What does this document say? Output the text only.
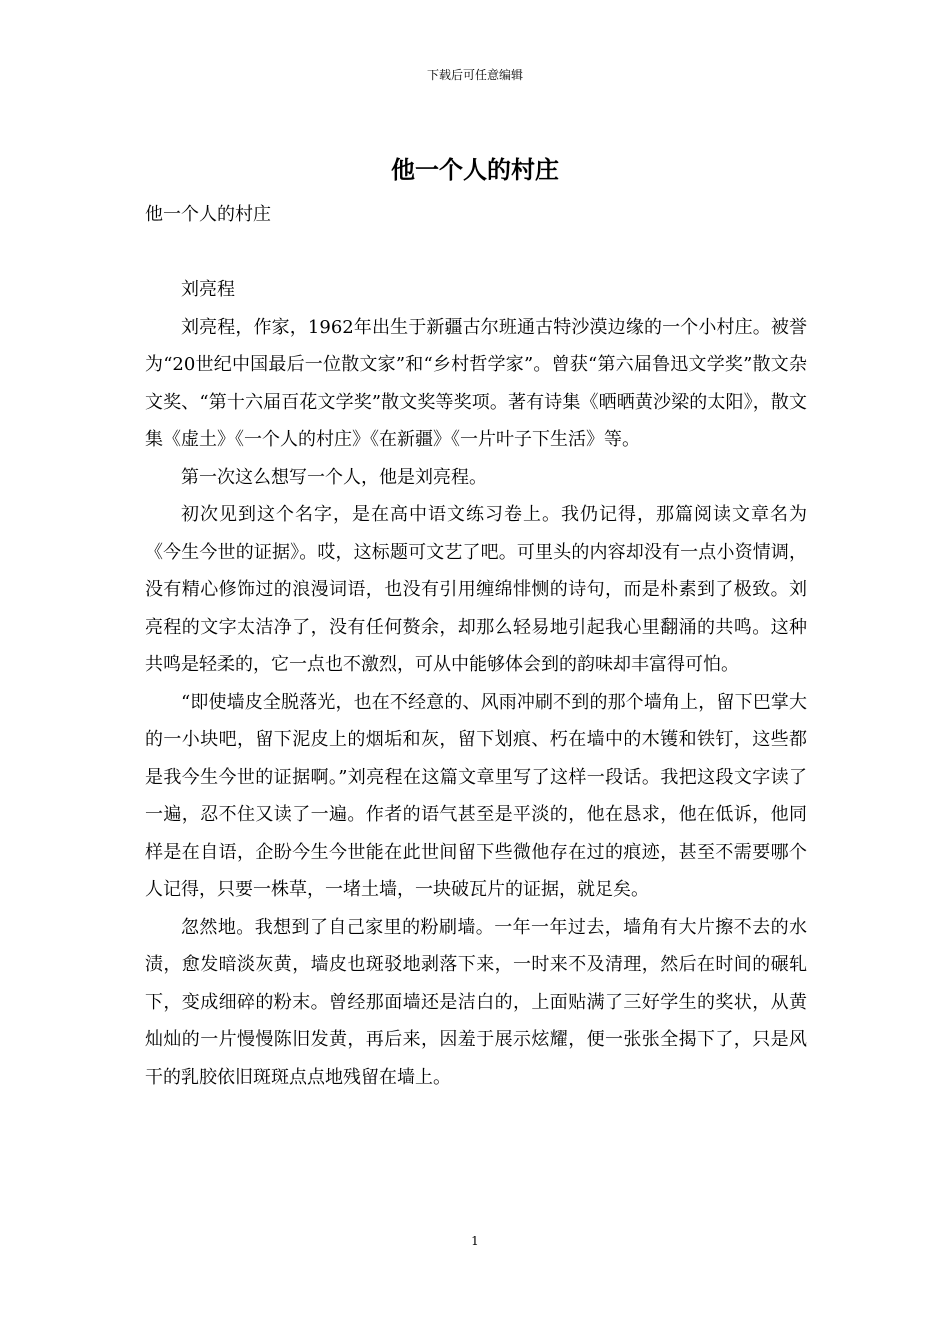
下载后可任意编辑
他一个人的村庄

他一个人的村庄

刘亮程

刘亮程，作家，1962年出生于新疆古尔班通古特沙漠边缘的一个小村庄。被誉为“20世纪中国最后一位散文家”和“乡村哲学家”。曾获“第六届鲁迅文学奖”散文杂文奖、“第十六届百花文学奖”散文奖等奖项。著有诗集《晒晒黄沙梁的太阳》，散文集《虚土》《一个人的村庄》《在新疆》《一片叶子下生活》等。

第一次这么想写一个人，他是刘亮程。

初次见到这个名字，是在高中语文练习卷上。我仍记得，那篇阅读文章名为《今生今世的证据》。哎，这标题可文艺了吧。可里头的内容却没有一点小资情调，没有精心修饰过的浪漫词语，也没有引用缠绵悱恻的诗句，而是朴素到了极致。刘亮程的文字太洁净了，没有任何赘余，却那么轻易地引起我心里翻涌的共鸣。这种共鸣是轻柔的，它一点也不激烈，可从中能够体会到的韵味却丰富得可怕。

“即使墙皮全脱落光，也在不经意的、风雨冲刷不到的那个墙角上，留下巴掌大的一小块吧，留下泥皮上的烟垢和灰，留下划痕、朽在墙中的木镬和铁钉，这些都是我今生今世的证据啊。”刘亮程在这篇文章里写了这样一段话。我把这段文字读了一遍，忍不住又读了一遍。作者的语气甚至是平淡的，他在恳求，他在低诉，他同样是在自语，企盼今生今世能在此世间留下些微他存在过的痕迹，甚至不需要哪个人记得，只要一株草，一堵土墙，一块破瓦片的证据，就足矣。

忽然地。我想到了自己家里的粉刷墙。一年一年过去，墙角有大片擦不去的水渍，愈发暗淡灰黄，墙皮也斑驳地剥落下来，一时来不及清理，然后在时间的碾轧下，变成细碎的粉末。曾经那面墙还是洁白的，上面贴满了三好学生的奖状，从黄灿灿的一片慢慢陈旧发黄，再后来，因羞于展示炫耀，便一张张全揭下了，只是风干的乳胶依旧斑斑点点地残留在墙上。

1
